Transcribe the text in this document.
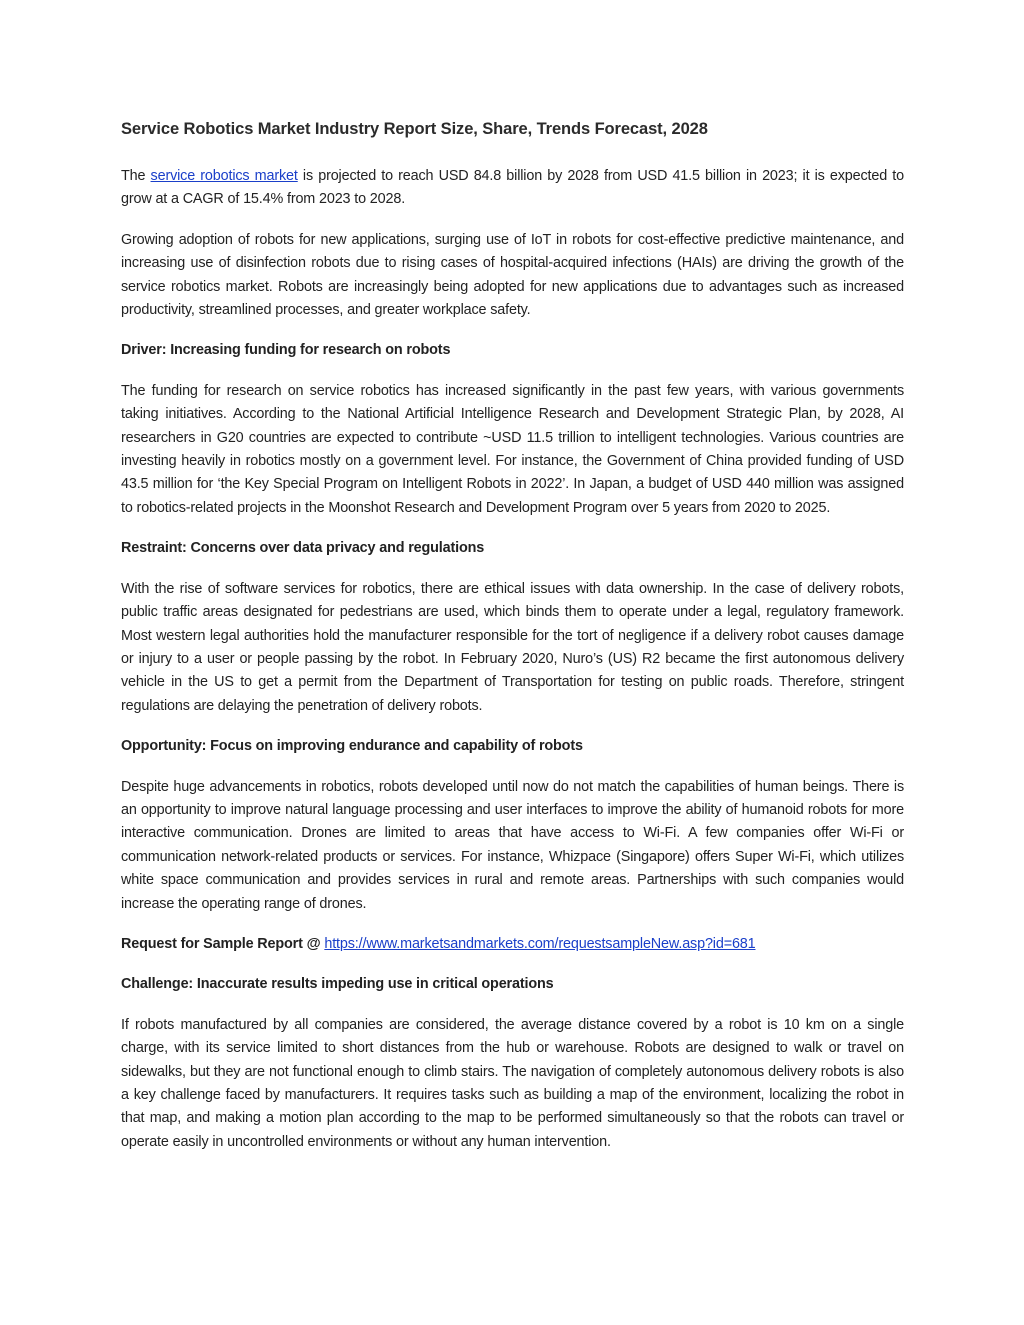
Service Robotics Market Industry Report Size, Share, Trends Forecast, 2028

The service robotics market is projected to reach USD 84.8 billion by 2028 from USD 41.5 billion in 2023; it is expected to grow at a CAGR of 15.4% from 2023 to 2028.

Growing adoption of robots for new applications, surging use of IoT in robots for cost-effective predictive maintenance, and increasing use of disinfection robots due to rising cases of hospital-acquired infections (HAIs) are driving the growth of the service robotics market. Robots are increasingly being adopted for new applications due to advantages such as increased productivity, streamlined processes, and greater workplace safety.

Driver: Increasing funding for research on robots

The funding for research on service robotics has increased significantly in the past few years, with various governments taking initiatives. According to the National Artificial Intelligence Research and Development Strategic Plan, by 2028, AI researchers in G20 countries are expected to contribute ~USD 11.5 trillion to intelligent technologies. Various countries are investing heavily in robotics mostly on a government level. For instance, the Government of China provided funding of USD 43.5 million for ‘the Key Special Program on Intelligent Robots in 2022’. In Japan, a budget of USD 440 million was assigned to robotics-related projects in the Moonshot Research and Development Program over 5 years from 2020 to 2025.

Restraint: Concerns over data privacy and regulations

With the rise of software services for robotics, there are ethical issues with data ownership. In the case of delivery robots, public traffic areas designated for pedestrians are used, which binds them to operate under a legal, regulatory framework. Most western legal authorities hold the manufacturer responsible for the tort of negligence if a delivery robot causes damage or injury to a user or people passing by the robot. In February 2020, Nuro’s (US) R2 became the first autonomous delivery vehicle in the US to get a permit from the Department of Transportation for testing on public roads. Therefore, stringent regulations are delaying the penetration of delivery robots.

Opportunity: Focus on improving endurance and capability of robots

Despite huge advancements in robotics, robots developed until now do not match the capabilities of human beings. There is an opportunity to improve natural language processing and user interfaces to improve the ability of humanoid robots for more interactive communication. Drones are limited to areas that have access to Wi-Fi. A few companies offer Wi-Fi or communication network-related products or services. For instance, Whizpace (Singapore) offers Super Wi-Fi, which utilizes white space communication and provides services in rural and remote areas. Partnerships with such companies would increase the operating range of drones.

Request for Sample Report @ https://www.marketsandmarkets.com/requestsampleNew.asp?id=681
Challenge: Inaccurate results impeding use in critical operations

If robots manufactured by all companies are considered, the average distance covered by a robot is 10 km on a single charge, with its service limited to short distances from the hub or warehouse. Robots are designed to walk or travel on sidewalks, but they are not functional enough to climb stairs. The navigation of completely autonomous delivery robots is also a key challenge faced by manufacturers. It requires tasks such as building a map of the environment, localizing the robot in that map, and making a motion plan according to the map to be performed simultaneously so that the robots can travel or operate easily in uncontrolled environments or without any human intervention.
